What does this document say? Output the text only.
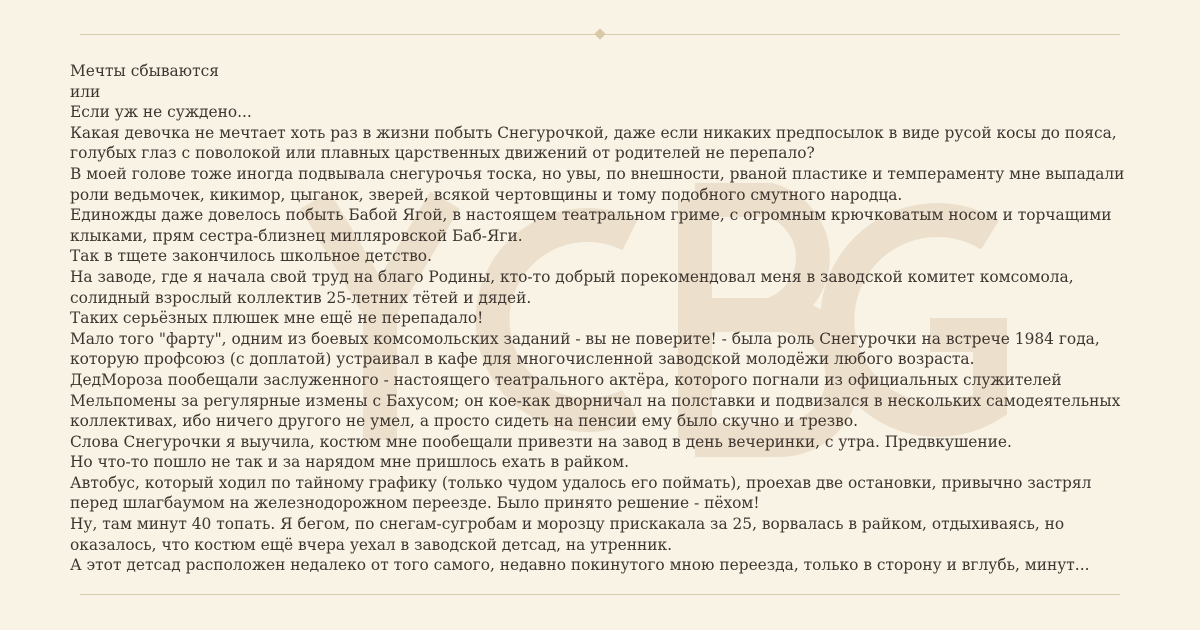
Мечты сбываются

или

Если уж не суждено...

Какая девочка не мечтает хоть раз в жизни побыть Снегурочкой, даже если никаких предпосылок в виде русой косы до пояса, голубых глаз с поволокой или плавных царственных движений от родителей не перепало?

В моей голове тоже иногда подвывала снегурочья тоска, но увы, по внешности, рваной пластике и темпераменту мне выпадали роли ведьмочек, кикимор, цыганок, зверей, всякой чертовщины и тому подобного смутного народца.

Единожды даже довелось побыть Бабой Ягой, в настоящем театральном гриме, с огромным крючковатым носом и торчащими клыками, прям сестра-близнец милляровской Баб-Яги.

Так в тщете закончилось школьное детство.

На заводе, где я начала свой труд на благо Родины, кто-то добрый порекомендовал меня в заводской комитет комсомола, солидный взрослый коллектив 25-летних тётей и дядей.

Таких серьёзных плюшек мне ещё не перепадало!

Мало того "фарту", одним из боевых комсомольских заданий - вы не поверите! - была роль Снегурочки на встрече 1984 года, которую профсоюз (с доплатой) устраивал в кафе для многочисленной заводской молодёжи любого возраста.

ДедМороза пообещали заслуженного - настоящего театрального актёра, которого погнали из официальных служителей Мельпомены за регулярные измены с Бахусом; он кое-как дворничал на полставки и подвизался в нескольких самодеятельных коллективах, ибо ничего другого не умел, а просто сидеть на пенсии ему было скучно и трезво.

Слова Снегурочки я выучила, костюм мне пообещали привезти на завод в день вечеринки, с утра. Предвкушение.

Но что-то пошло не так и за нарядом мне пришлось ехать в райком.

Автобус, который ходил по тайному графику (только чудом удалось его поймать), проехав две остановки, привычно застрял перед шлагбаумом на железнодорожном переезде. Было принято решение - пёхом!

Ну, там минут 40 топать. Я бегом, по снегам-сугробам и морозцу прискакала за 25, ворвалась в райком, отдыхиваясь, но оказалось, что костюм ещё вчера уехал в заводской детсад, на утренник.

А этот детсад расположен недалеко от того самого, недавно покинутого мною переезда, только в сторону и вглубь, минут...
